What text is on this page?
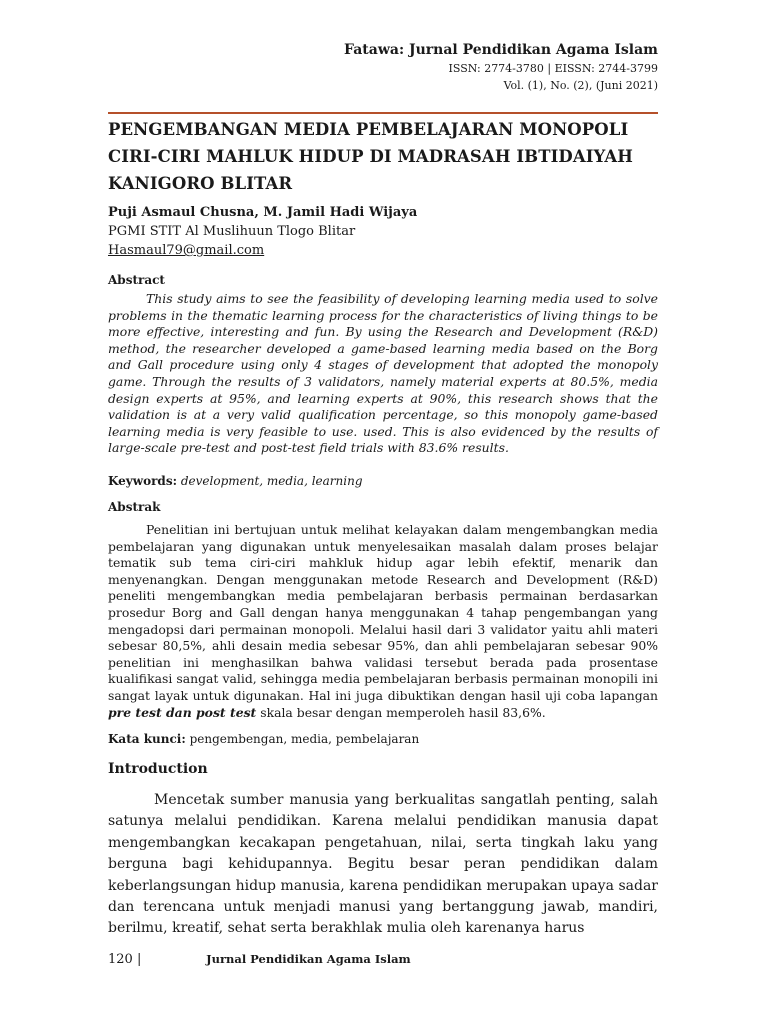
Fatawa: Jurnal Pendidikan Agama Islam
ISSN: 2774-3780 | EISSN: 2744-3799
Vol. (1), No. (2), (Juni 2021)
PENGEMBANGAN MEDIA PEMBELAJARAN MONOPOLI CIRI-CIRI MAHLUK HIDUP DI MADRASAH IBTIDAIYAH KANIGORO BLITAR
Puji Asmaul Chusna, M. Jamil Hadi Wijaya
PGMI STIT Al Muslihuun Tlogo Blitar
Hasmaul79@gmail.com
Abstract

This study aims to see the feasibility of developing learning media used to solve problems in the thematic learning process for the characteristics of living things to be more effective, interesting and fun. By using the Research and Development (R&D) method, the researcher developed a game-based learning media based on the Borg and Gall procedure using only 4 stages of development that adopted the monopoly game. Through the results of 3 validators, namely material experts at 80.5%, media design experts at 95%, and learning experts at 90%, this research shows that the validation is at a very valid qualification percentage, so this monopoly game-based learning media is very feasible to use. used. This is also evidenced by the results of large-scale pre-test and post-test field trials with 83.6% results.

Keywords: development, media, learning
Abstrak

Penelitian ini bertujuan untuk melihat kelayakan dalam mengembangkan media pembelajaran yang digunakan untuk menyelesaikan masalah dalam proses belajar tematik sub tema ciri-ciri mahkluk hidup agar lebih efektif, menarik dan menyenangkan. Dengan menggunakan metode Research and Development (R&D) peneliti mengembangkan media pembelajaran berbasis permainan berdasarkan prosedur Borg and Gall dengan hanya menggunakan 4 tahap pengembangan yang mengadopsi dari permainan monopoli. Melalui hasil dari 3 validator yaitu ahli materi sebesar 80,5%, ahli desain media sebesar 95%, dan ahli pembelajaran sebesar 90% penelitian ini menghasilkan bahwa validasi tersebut berada pada prosentase kualifikasi sangat valid, sehingga media pembelajaran berbasis permainan monopili ini sangat layak untuk digunakan. Hal ini juga dibuktikan dengan hasil uji coba lapangan pre test dan post test skala besar dengan memperoleh hasil 83,6%.

Kata kunci: pengembengan, media, pembelajaran
Introduction

Mencetak sumber manusia yang berkualitas sangatlah penting, salah satunya melalui pendidikan. Karena melalui pendidikan manusia dapat mengembangkan kecakapan pengetahuan, nilai, serta tingkah laku yang berguna bagi kehidupannya. Begitu besar peran pendidikan dalam keberlangsungan hidup manusia, karena pendidikan merupakan upaya sadar dan terencana untuk menjadi manusi yang bertanggung jawab, mandiri, berilmu, kreatif, sehat serta berakhlak mulia oleh karenanya harus

120 |	Jurnal Pendidikan Agama Islam
